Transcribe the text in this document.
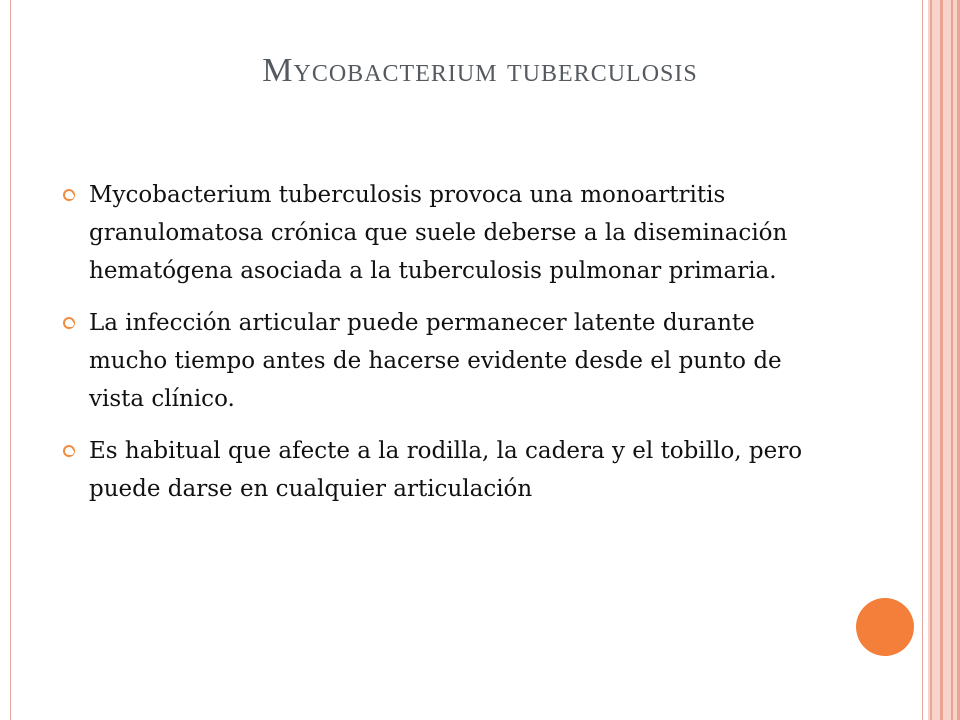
Mycobacterium tuberculosis
Mycobacterium tuberculosis provoca una monoartritis granulomatosa crónica que suele deberse a la diseminación hematógena asociada a la tuberculosis pulmonar primaria.
La infección articular puede permanecer latente durante mucho tiempo antes de hacerse evidente desde el punto de vista clínico.
Es habitual que afecte a la rodilla, la cadera y el tobillo, pero puede darse en cualquier articulación
